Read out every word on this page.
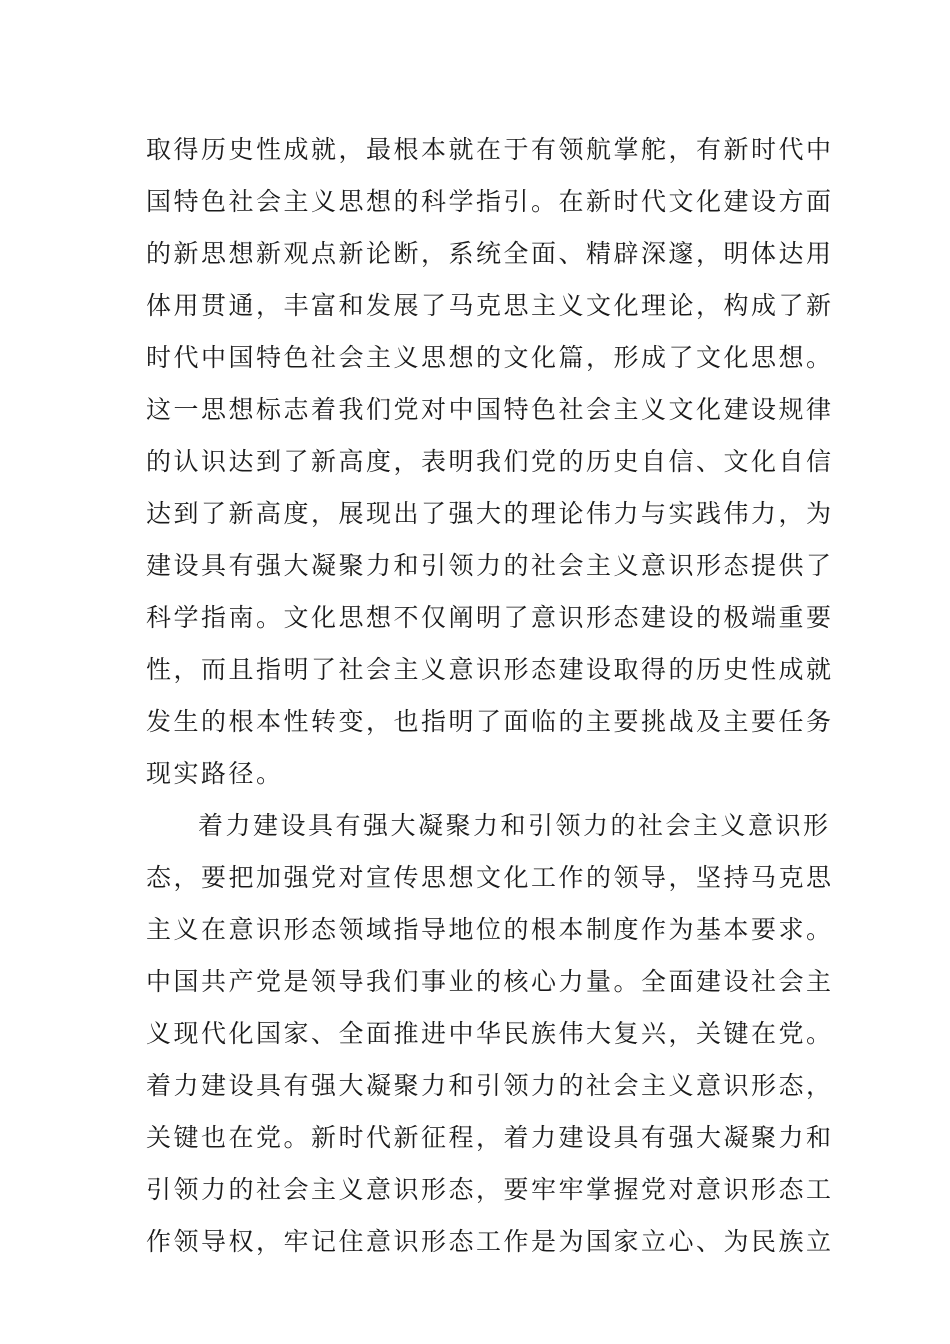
取得历史性成就，最根本就在于有领航掌舵，有新时代中
国特色社会主义思想的科学指引。在新时代文化建设方面
的新思想新观点新论断，系统全面、精辟深邃，明体达用
体用贯通，丰富和发展了马克思主义文化理论，构成了新
时代中国特色社会主义思想的文化篇，形成了文化思想。
这一思想标志着我们党对中国特色社会主义文化建设规律
的认识达到了新高度，表明我们党的历史自信、文化自信
达到了新高度，展现出了强大的理论伟力与实践伟力，为
建设具有强大凝聚力和引领力的社会主义意识形态提供了
科学指南。文化思想不仅阐明了意识形态建设的极端重要
性，而且指明了社会主义意识形态建设取得的历史性成就
发生的根本性转变，也指明了面临的主要挑战及主要任务
现实路径。
着力建设具有强大凝聚力和引领力的社会主义意识形
态，要把加强党对宣传思想文化工作的领导，坚持马克思
主义在意识形态领域指导地位的根本制度作为基本要求。
中国共产党是领导我们事业的核心力量。全面建设社会主
义现代化国家、全面推进中华民族伟大复兴，关键在党。
着力建设具有强大凝聚力和引领力的社会主义意识形态，
关键也在党。新时代新征程，着力建设具有强大凝聚力和
引领力的社会主义意识形态，要牢牢掌握党对意识形态工
作领导权，牢记住意识形态工作是为国家立心、为民族立
